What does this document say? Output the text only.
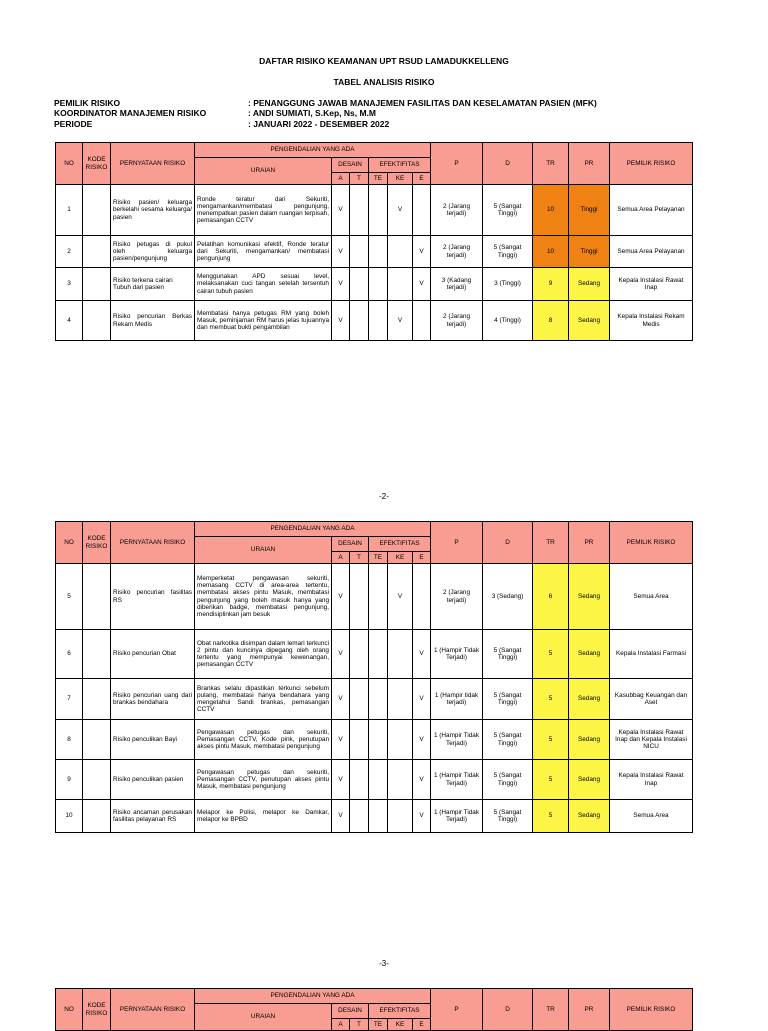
DAFTAR RISIKO KEAMANAN UPT RSUD LAMADUKKELLENG
TABEL ANALISIS RISIKO
PEMILIK RISIKO	: PENANGGUNG JAWAB MANAJEMEN FASILITAS DAN KESELAMATAN PASIEN (MFK)
KOORDINATOR MANAJEMEN RISIKO	: ANDI SUMIATI, S.Kep, Ns, M.M
PERIODE	: JANUARI 2022 - DESEMBER 2022
NO	KODE RISIKO	PERNYATAAN RISIKO	PENGENDALIAN YANG ADA						P	D	TR	PR	PEMILIK RISIKO
			URAIAN	DESAIN		EFEKTIFITAS							
				A	T	TE	KE	E					
1		Risiko pasien/ keluarga berkelahi sesama keluarga/ pasien	Ronde teratur dari Sekuriti, mengamankan/membatasi pengunjung, menempatkan pasien dalam ruangan terpisah, pemasangan CCTV	V			V		2 (Jarang terjadi)	5 (Sangat Tinggi)	10	Tinggi	Semua Area Pelayanan
2		Risiko petugas di pukul oleh keluarga pasien/pengunjung	Pelatihan komunikasi efektif, Ronde teratur dari Sekuriti, mengamankan/ membatasi pengunjung	V				V	2 (Jarang terjadi)	5 (Sangat Tinggi)	10	Tinggi	Semua Area Pelayanan
3		Risiko terkena cairan Tubuh dari pasien	Menggunakan APD sesuai level, melaksanakan cuci tangan setelah tersentuh cairan tubuh pasien	V				V	3 (Kadang terjadi)	3 (Tinggi)	9	Sedang	Kepala Instalasi Rawat Inap
4		Risiko pencurian Berkas Rekam Medis	Membatasi hanya petugas RM yang boleh Masuk, peminjaman RM harus jelas tujuannya dan membuat bukti pengambilan	V			V		2 (Jarang terjadi)	4 (Tinggi)	8	Sedang	Kepala Instalasi Rekam Medis
-2-
NO	KODE RISIKO	PERNYATAAN RISIKO	PENGENDALIAN YANG ADA						P	D	TR	PR	PEMILIK RISIKO
			URAIAN	DESAIN		EFEKTIFITAS							
				A	T	TE	KE	E					
5		Risiko pencurian fasilitas RS	Memperketat pengawasan sekuriti, memasang CCTV di area-area tertentu, membatasi akses pintu Masuk, membatasi pengunjung yang boleh masuk hanya yang diberikan badge, membatasi pengunjung, mendisiplinkan jam besuk	V			V		2 (Jarang terjadi)	3 (Sedang)	6	Sedang	Semua Area
6		Risiko pencurian Obat	Obat narkotika disimpan dalam lemari terkunci 2 pintu dan kuncinya dipegang oleh orang tertentu yang mempunyai kewenangan, pemasangan CCTV	V				V	1 (Hampir Tidak Terjadi)	5 (Sangat Tinggi)	5	Sedang	Kepala Instalasi Farmasi
7		Risiko pencurian uang dari brankas bendahara	Brankas selalu dipastikan terkunci sebelum pulang, membatasi hanya bendahara yang mengetahui Sandi brankas, pemasangan CCTV	V				V	1 (Hampir tidak terjadi)	5 (Sangat Tinggi)	5	Sedang	Kasubbag Keuangan dan Aset
8		Risiko penculikan Bayi	Pengawasan petugas dan sekuriti, Pemasangan CCTV, Kode pink, penutupan akses pintu Masuk, membatasi pengunjung	V				V	1 (Hampir Tidak Terjadi)	5 (Sangat Tinggi)	5	Sedang	Kepala Instalasi Rawat Inap dan Kepala Instalasi NICU
9		Risiko penculikan pasien	Pengawasan petugas dan sekuriti, Pemasangan CCTV, penutupan akses pintu Masuk, membatasi pengunjung	V				V	1 (Hampir Tidak Terjadi)	5 (Sangat Tinggi)	5	Sedang	Kepala Instalasi Rawat Inap
10		Risiko ancaman perusakan fasilitas pelayanan RS	Melapor ke Polisi, melapor ke Damkar, melapor ke BPBD	V				V	1 (Hampir Tidak Terjadi)	5 (Sangat Tinggi)	5	Sedang	Semua Area
-3-
NO	KODE RISIKO	PERNYATAAN RISIKO	PENGENDALIAN YANG ADA						P	D	TR	PR	PEMILIK RISIKO
			URAIAN	DESAIN		EFEKTIFITAS							
				A	T	TE	KE	E					
